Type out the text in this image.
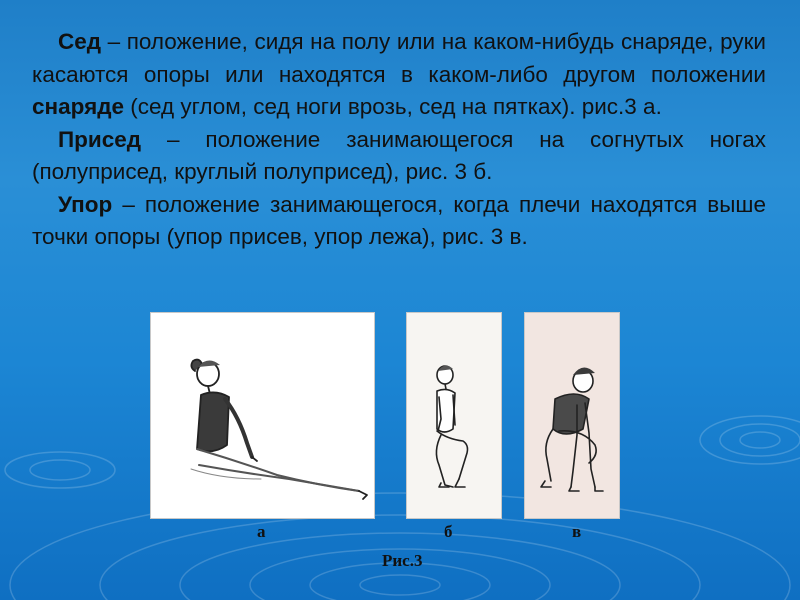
Сед – положение, сидя на полу или на каком-нибудь снаряде, руки касаются опоры или находятся в каком-либо другом положении снаряде (сед углом, сед ноги врозь, сед на пятках). рис.3 а.

Присед – положение занимающегося на согнутых ногах (полуприсед, круглый полуприсед), рис. 3 б.

Упор – положение занимающегося, когда плечи находятся выше точки опоры (упор присев, упор лежа), рис. 3 в.

а	б	в
Рис.3
